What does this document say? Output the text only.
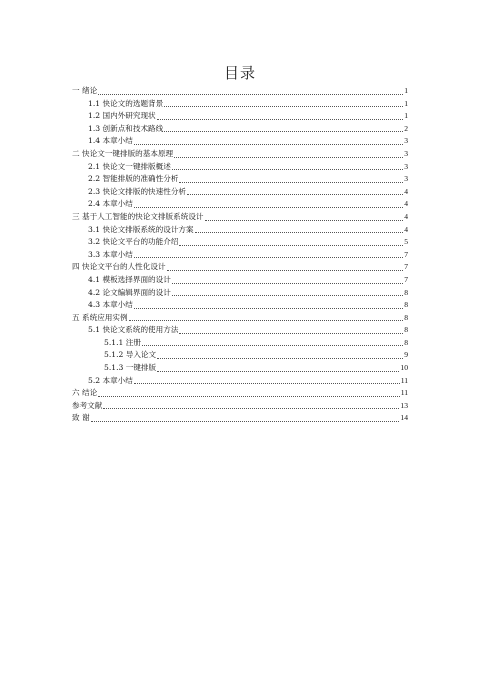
目录
一 绪论	1
1.1 快论文的选题背景	1
1.2 国内外研究现状	1
1.3 创新点和技术路线	2
1.4 本章小结	3
二 快论文一键排版的基本原理	3
2.1 快论文一键排版概述	3
2.2 智能排版的准确性分析	3
2.3 快论文排版的快速性分析	4
2.4 本章小结	4
三 基于人工智能的快论文排版系统设计	4
3.1 快论文排版系统的设计方案	4
3.2 快论文平台的功能介绍	5
3.3 本章小结	7
四 快论文平台的人性化设计	7
4.1 模板选择界面的设计	7
4.2 论文编辑界面的设计	8
4.3 本章小结	8
五 系统应用实例	8
5.1 快论文系统的使用方法	8
5.1.1 注册	8
5.1.2 导入论文	9
5.1.3 一键排版	10
5.2 本章小结	11
六 结论	11
参考文献	13
致 谢	14
